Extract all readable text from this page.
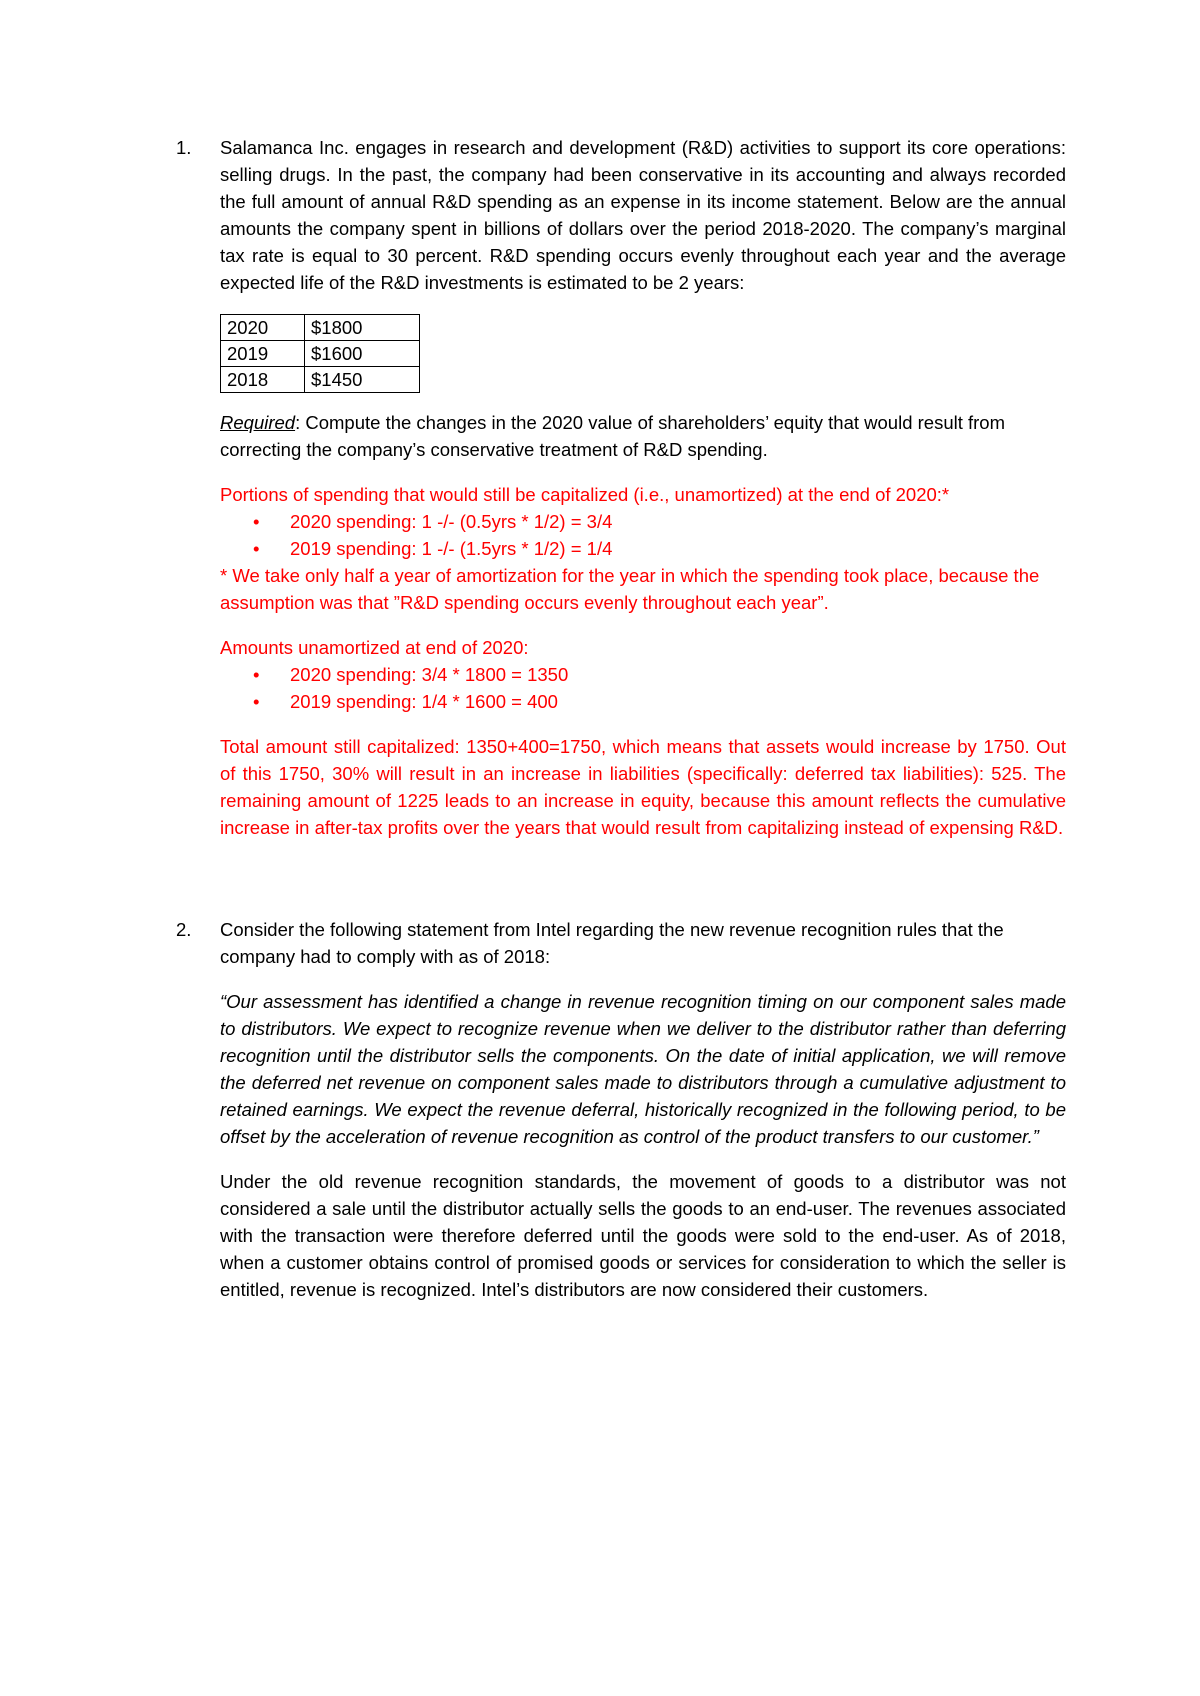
1. Salamanca Inc. engages in research and development (R&D) activities to support its core operations: selling drugs. In the past, the company had been conservative in its accounting and always recorded the full amount of annual R&D spending as an expense in its income statement. Below are the annual amounts the company spent in billions of dollars over the period 2018-2020. The company’s marginal tax rate is equal to 30 percent. R&D spending occurs evenly throughout each year and the average expected life of the R&D investments is estimated to be 2 years:

2020	$1800
2019	$1600
2018	$1450

Required: Compute the changes in the 2020 value of shareholders’ equity that would result from correcting the company’s conservative treatment of R&D spending.

Portions of spending that would still be capitalized (i.e., unamortized) at the end of 2020:*

• 2020 spending: 1 -/- (0.5yrs * 1/2) = 3/4
• 2019 spending: 1 -/- (1.5yrs * 1/2) = 1/4

* We take only half a year of amortization for the year in which the spending took place, because the assumption was that ”R&D spending occurs evenly throughout each year”.

Amounts unamortized at end of 2020:

• 2020 spending: 3/4 * 1800 = 1350
• 2019 spending: 1/4 * 1600 = 400

Total amount still capitalized: 1350+400=1750, which means that assets would increase by 1750. Out of this 1750, 30% will result in an increase in liabilities (specifically: deferred tax liabilities): 525. The remaining amount of 1225 leads to an increase in equity, because this amount reflects the cumulative increase in after-tax profits over the years that would result from capitalizing instead of expensing R&D.

2. Consider the following statement from Intel regarding the new revenue recognition rules that the company had to comply with as of 2018:

“Our assessment has identified a change in revenue recognition timing on our component sales made to distributors. We expect to recognize revenue when we deliver to the distributor rather than deferring recognition until the distributor sells the components. On the date of initial application, we will remove the deferred net revenue on component sales made to distributors through a cumulative adjustment to retained earnings. We expect the revenue deferral, historically recognized in the following period, to be offset by the acceleration of revenue recognition as control of the product transfers to our customer.”

Under the old revenue recognition standards, the movement of goods to a distributor was not considered a sale until the distributor actually sells the goods to an end-user. The revenues associated with the transaction were therefore deferred until the goods were sold to the end-user. As of 2018, when a customer obtains control of promised goods or services for consideration to which the seller is entitled, revenue is recognized. Intel’s distributors are now considered their customers.
